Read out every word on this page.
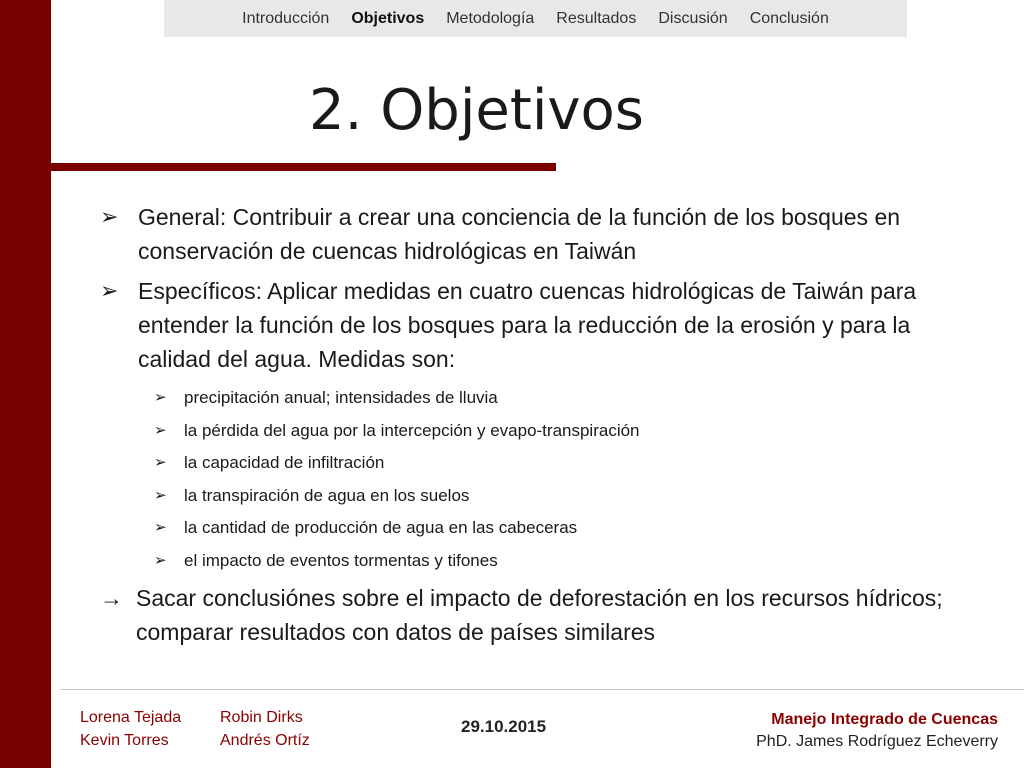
Introducción Objetivos Metodología Resultados Discusión Conclusión
2. Objetivos
➢ General: Contribuir a crear una conciencia de la función de los bosques en conservación de cuencas hidrológicas en Taiwán
➢ Específicos: Aplicar medidas en cuatro cuencas hidrológicas de Taiwán para entender la función de los bosques para la reducción de la erosión y para la calidad del agua. Medidas son:
➢ precipitación anual; intensidades de lluvia
➢ la pérdida del agua por la intercepción y evapo-transpiración
➢ la capacidad de infiltración
➢ la transpiración de agua en los suelos
➢ la cantidad de producción de agua en las cabeceras
➢ el impacto de eventos tormentas y tifones
→ Sacar conclusiónes sobre el impacto de deforestación en los recursos hídricos; comparar resultados con datos de países similares
Lorena Tejada
Kevin Torres
Robin Dirks
Andrés Ortíz
29.10.2015	Manejo Integrado de Cuencas
PhD. James Rodríguez Echeverry
